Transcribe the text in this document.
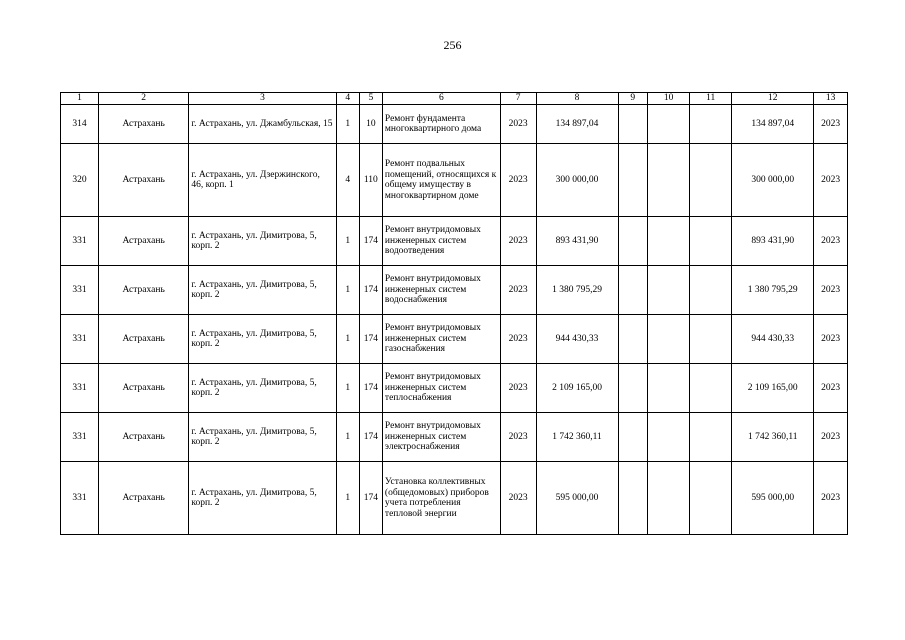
256
1	2	3	4	5	6	7	8	9	10	11	12	13
314	Астрахань	г. Астрахань, ул. Джамбульская, 15	1	10	Ремонт фундамента многоквартирного дома	2023	134 897,04				134 897,04	2023
320	Астрахань	г. Астрахань, ул. Дзержинского, 46, корп. 1	4	110	Ремонт подвальных помещений, относящихся к общему имуществу в многоквартирном доме	2023	300 000,00				300 000,00	2023
331	Астрахань	г. Астрахань, ул. Димитрова, 5, корп. 2	1	174	Ремонт внутридомовых инженерных систем водоотведения	2023	893 431,90				893 431,90	2023
331	Астрахань	г. Астрахань, ул. Димитрова, 5, корп. 2	1	174	Ремонт внутридомовых инженерных систем водоснабжения	2023	1 380 795,29				1 380 795,29	2023
331	Астрахань	г. Астрахань, ул. Димитрова, 5, корп. 2	1	174	Ремонт внутридомовых инженерных систем газоснабжения	2023	944 430,33				944 430,33	2023
331	Астрахань	г. Астрахань, ул. Димитрова, 5, корп. 2	1	174	Ремонт внутридомовых инженерных систем теплоснабжения	2023	2 109 165,00				2 109 165,00	2023
331	Астрахань	г. Астрахань, ул. Димитрова, 5, корп. 2	1	174	Ремонт внутридомовых инженерных систем электроснабжения	2023	1 742 360,11				1 742 360,11	2023
331	Астрахань	г. Астрахань, ул. Димитрова, 5, корп. 2	1	174	Установка коллективных (общедомовых) приборов учета потребления тепловой энергии	2023	595 000,00				595 000,00	2023
